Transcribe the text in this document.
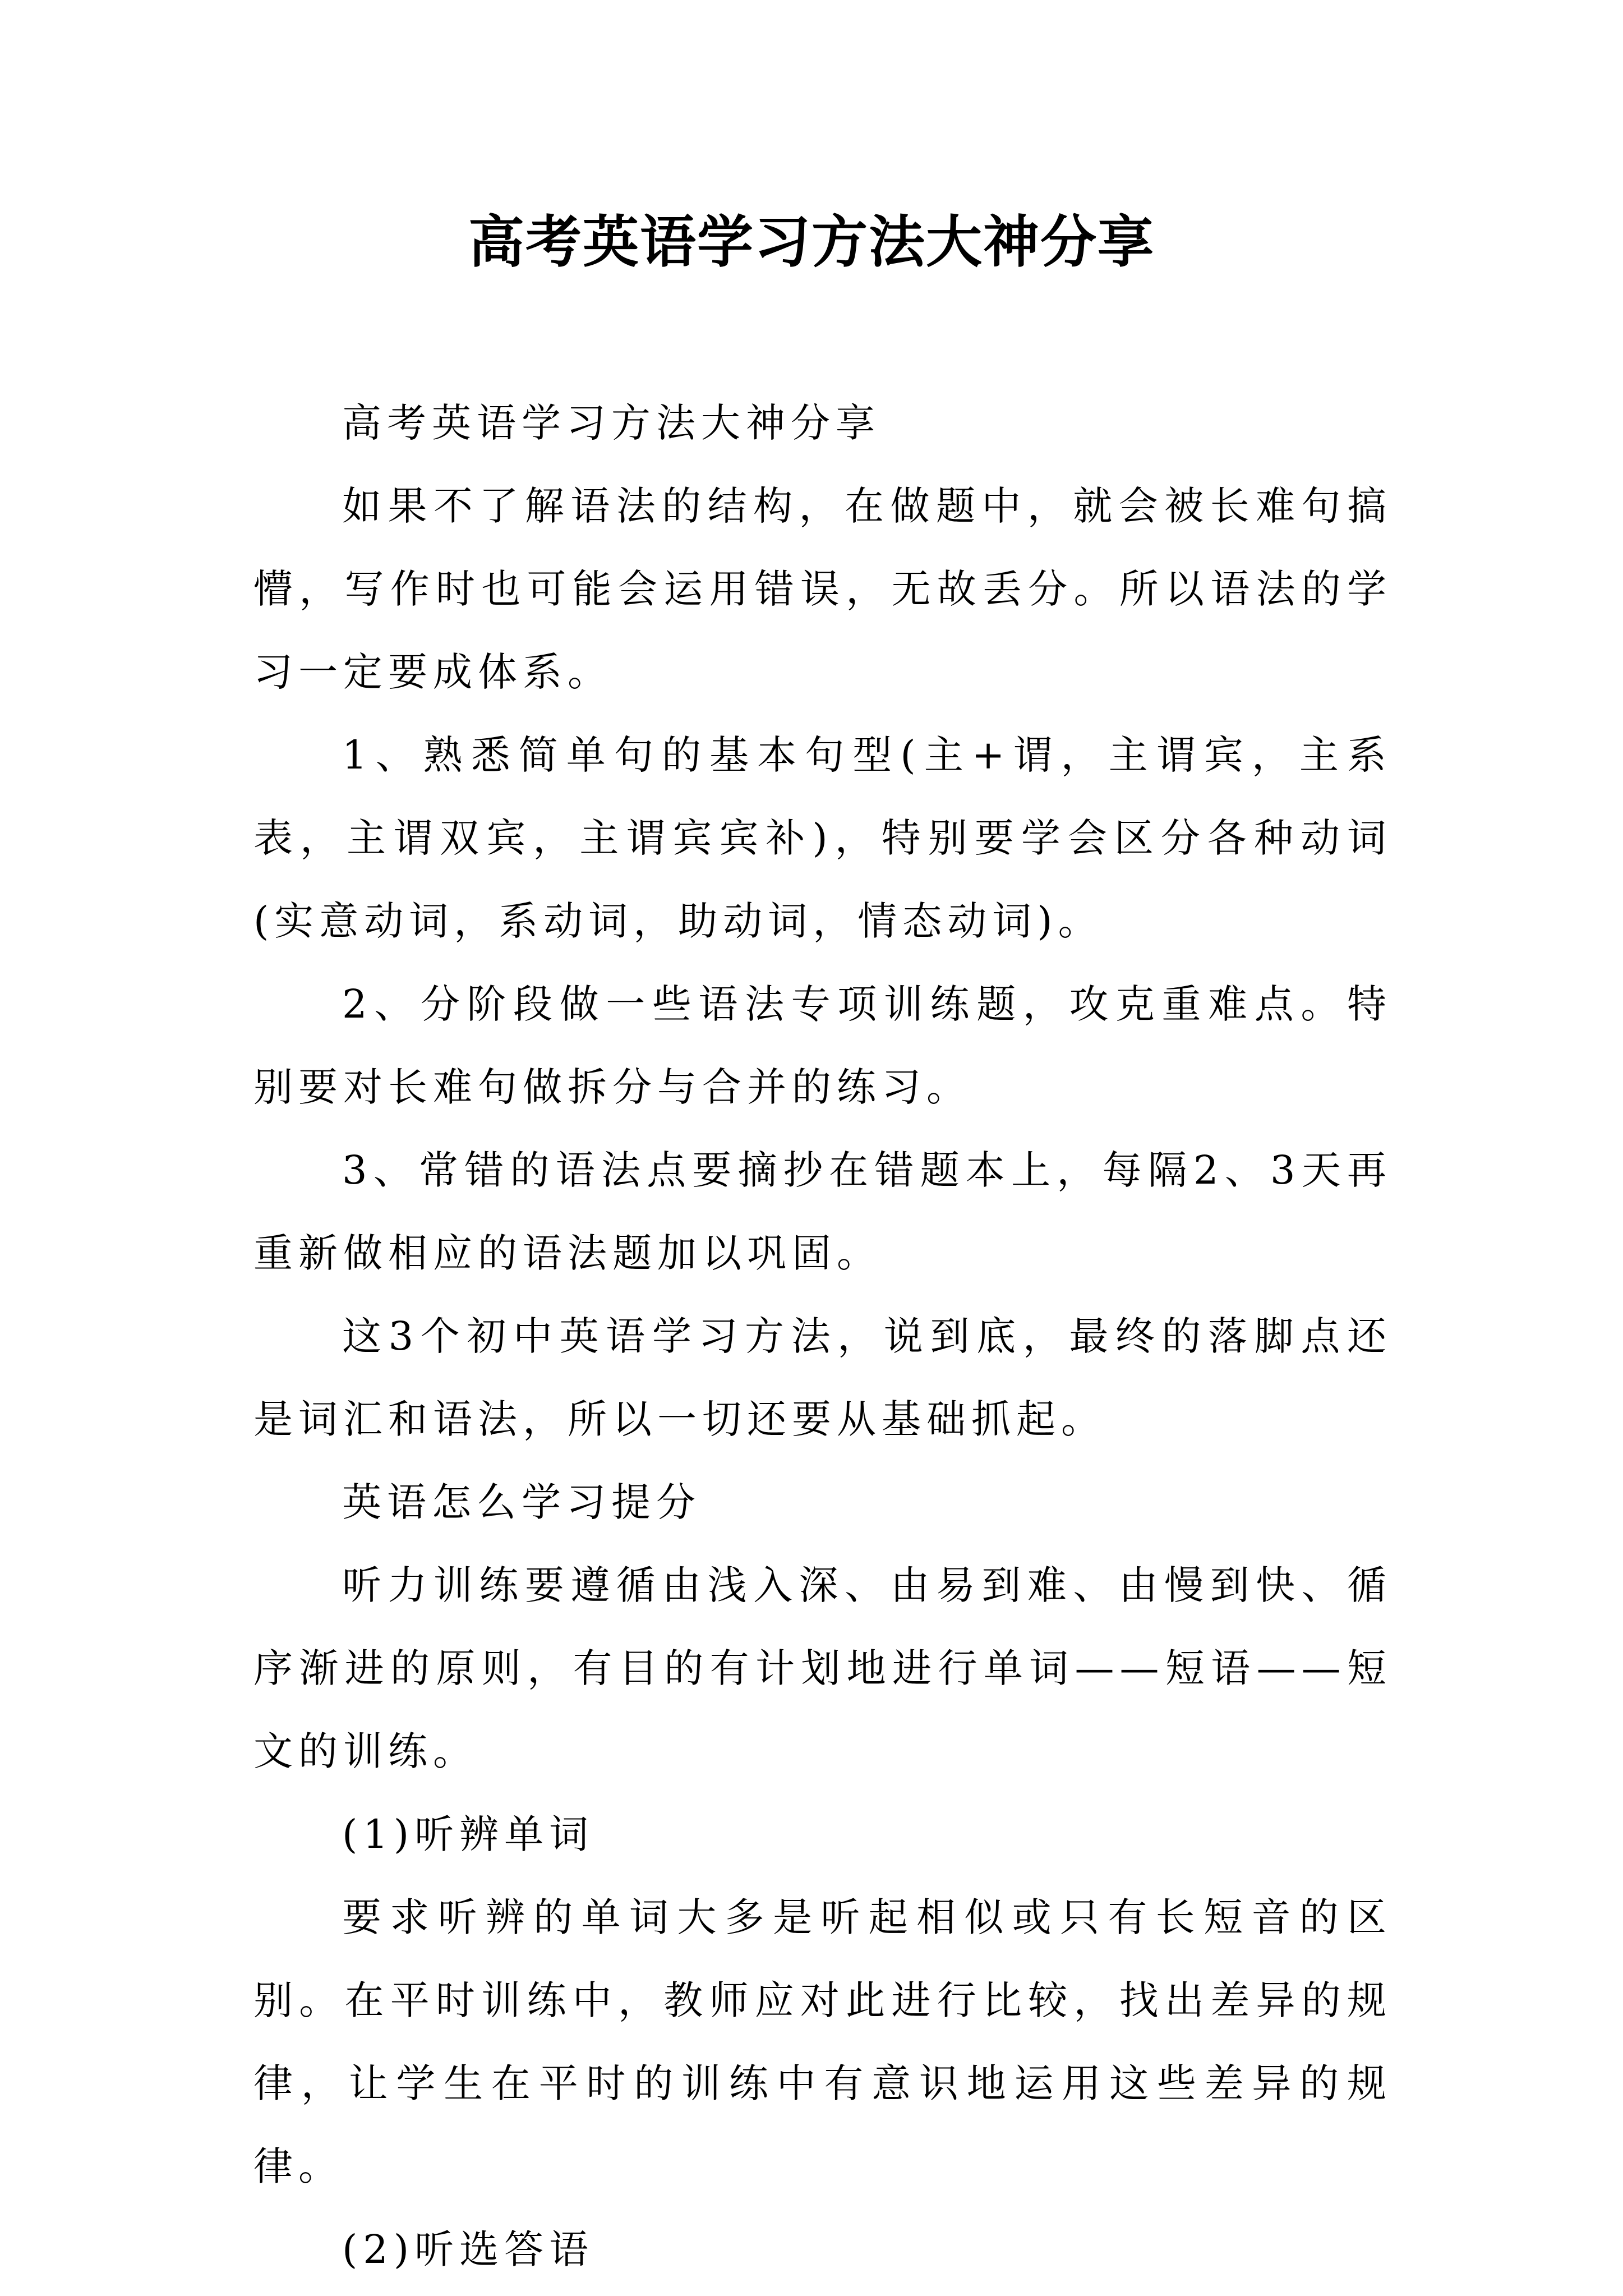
高考英语学习方法大神分享

高考英语学习方法大神分享

如果不了解语法的结构，在做题中，就会被长难句搞懵，写作时也可能会运用错误，无故丢分。所以语法的学习一定要成体系。

1、熟悉简单句的基本句型(主+谓，主谓宾，主系表，主谓双宾，主谓宾宾补)，特别要学会区分各种动词(实意动词，系动词，助动词，情态动词)。

2、分阶段做一些语法专项训练题，攻克重难点。特别要对长难句做拆分与合并的练习。

3、常错的语法点要摘抄在错题本上，每隔2、3天再重新做相应的语法题加以巩固。

这3个初中英语学习方法，说到底，最终的落脚点还是词汇和语法，所以一切还要从基础抓起。

英语怎么学习提分

听力训练要遵循由浅入深、由易到难、由慢到快、循序渐进的原则，有目的有计划地进行单词——短语——短文的训练。

(1)听辨单词

要求听辨的单词大多是听起相似或只有长短音的区别。在平时训练中，教师应对此进行比较，找出差异的规律，让学生在平时的训练中有意识地运用这些差异的规律。

(2)听选答语
